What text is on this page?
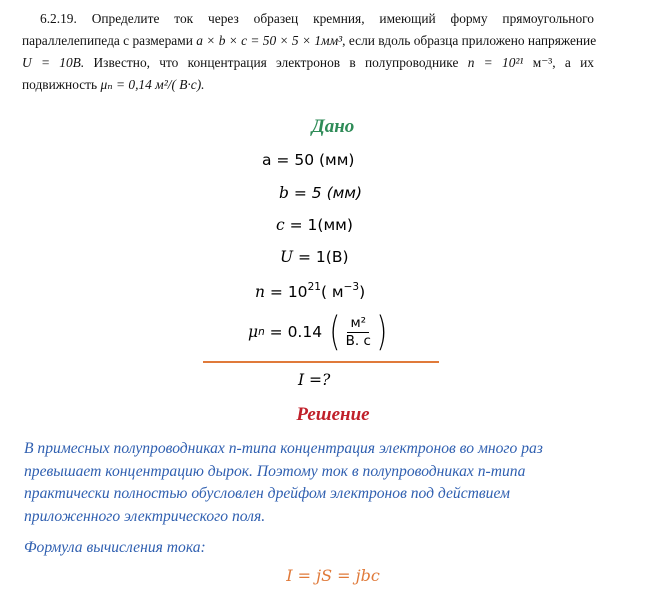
6.2.19. Определите ток через образец кремния, имеющий форму прямоугольного
параллелепипеда с размерами a × b × c = 50 × 5 × 1мм³, если вдоль образца приложено напряжение
U = 10В. Известно, что концентрация электронов в полупроводнике n = 10²¹ м⁻³, а их
подвижность μₙ = 0,14 м²/( В·с).
Дано
а = 50 (мм)
b = 5 (мм)
c = 1(мм)
U = 1(В)
$n = 10^{21}$( $м^{-3}$)
μ n = 0.14 ( $\frac{\text{м²}}{В. с}$ )
I =?
Решение
В примесных полупроводниках n-типа концентрация электронов во много раз
превышает концентрацию дырок. Поэтому ток в полупроводниках n-типа
практически полностью обусловлен дрейфом электронов под действием
приложенного электрического поля.
Формула вычисления тока:
I = jS = jbc
